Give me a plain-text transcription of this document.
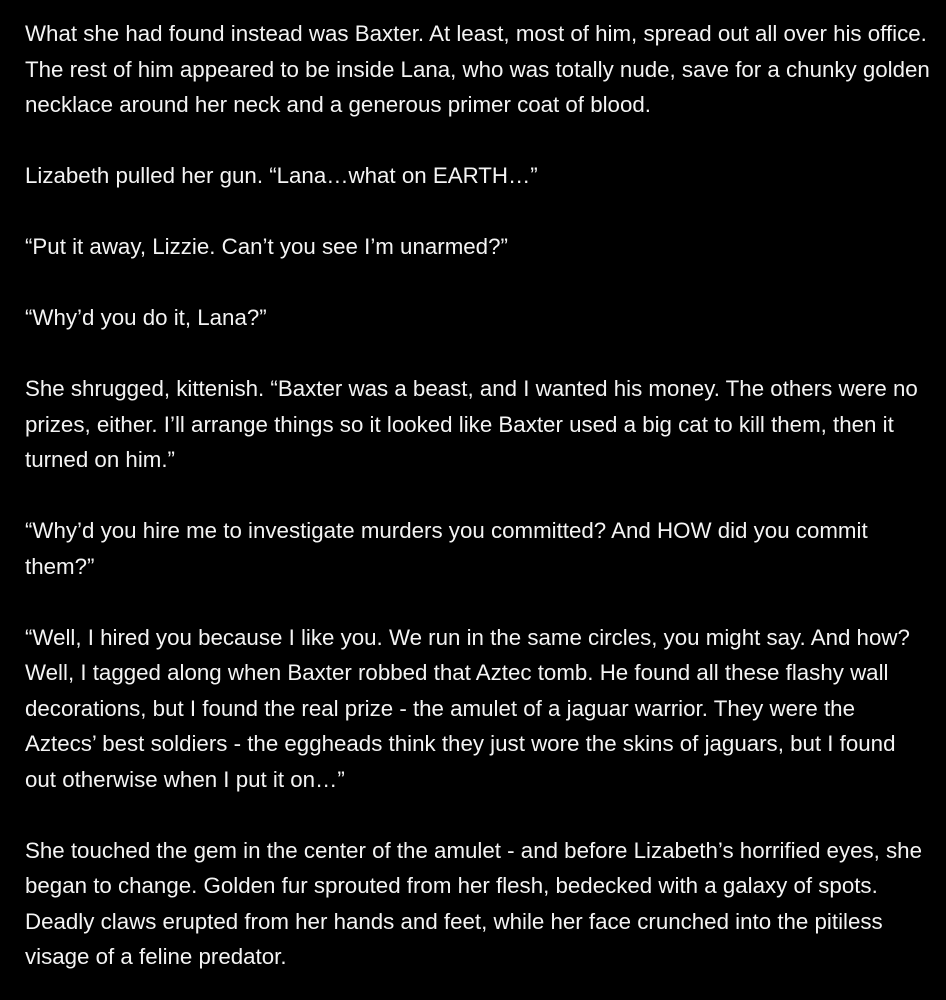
What she had found instead was Baxter. At least, most of him, spread out all over his office. The rest of him appeared to be inside Lana, who was totally nude, save for a chunky golden necklace around her neck and a generous primer coat of blood.

Lizabeth pulled her gun. “Lana…what on EARTH…”

“Put it away, Lizzie. Can’t you see I’m unarmed?”

“Why’d you do it, Lana?”

She shrugged, kittenish. “Baxter was a beast, and I wanted his money. The others were no prizes, either. I’ll arrange things so it looked like Baxter used a big cat to kill them, then it turned on him.”

“Why’d you hire me to investigate murders you committed? And HOW did you commit them?”

“Well, I hired you because I like you. We run in the same circles, you might say. And how? Well, I tagged along when Baxter robbed that Aztec tomb. He found all these flashy wall decorations, but I found the real prize - the amulet of a jaguar warrior. They were the Aztecs’ best soldiers - the eggheads think they just wore the skins of jaguars, but I found out otherwise when I put it on…”

She touched the gem in the center of the amulet - and before Lizabeth’s horrified eyes, she began to change. Golden fur sprouted from her flesh, bedecked with a galaxy of spots. Deadly claws erupted from her hands and feet, while her face crunched into the pitiless visage of a feline predator.
